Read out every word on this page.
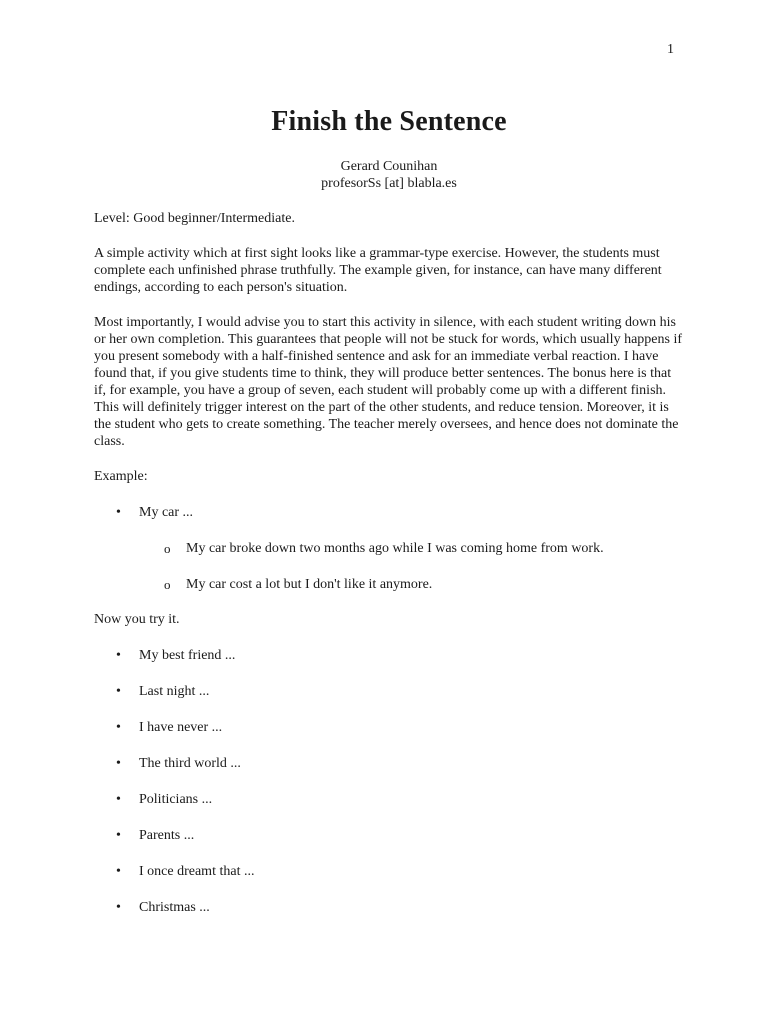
1
Finish the Sentence
Gerard Counihan
profesorSs [at] blabla.es

Level: Good beginner/Intermediate.

A simple activity which at first sight looks like a grammar-type exercise. However, the students must complete each unfinished phrase truthfully. The example given, for instance, can have many different endings, according to each person's situation.

Most importantly, I would advise you to start this activity in silence, with each student writing down his or her own completion. This guarantees that people will not be stuck for words, which usually happens if you present somebody with a half-finished sentence and ask for an immediate verbal reaction. I have found that, if you give students time to think, they will produce better sentences. The bonus here is that if, for example, you have a group of seven, each student will probably come up with a different finish. This will definitely trigger interest on the part of the other students, and reduce tension. Moreover, it is the student who gets to create something. The teacher merely oversees, and hence does not dominate the class.

Example:

• My car ...
o My car broke down two months ago while I was coming home from work.
o My car cost a lot but I don't like it anymore.

Now you try it.

• My best friend ...
• Last night ...
• I have never ...
• The third world ...
• Politicians ...
• Parents ...
• I once dreamt that ...
• Christmas ...
